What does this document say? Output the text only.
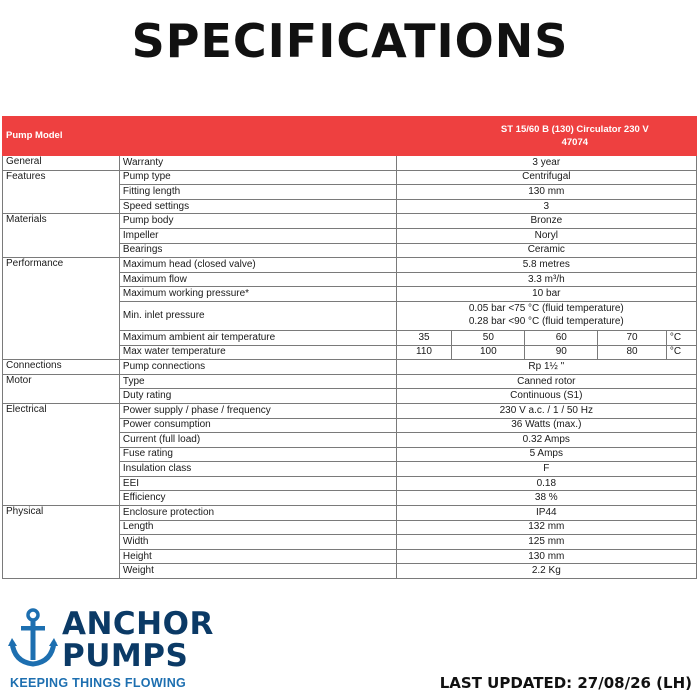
SPECIFICATIONS
Pump Model		ST 15/60 B (130) Circulator 230 V
47074				

General	Warranty	3 year				
Features	Pump type	Centrifugal				
	Fitting length	130 mm				
	Speed settings	3				
Materials	Pump body	Bronze				
	Impeller	Noryl				
	Bearings	Ceramic				
Performance	Maximum head (closed valve)	5.8 metres				
	Maximum flow	3.3 m³/h				
	Maximum working pressure*	10 bar				
	Min. inlet pressure	0.05 bar <75 °C (fluid temperature)
0.28 bar <90 °C (fluid temperature)				

	Maximum ambient air temperature	35	50	60	70	°C
	Max water temperature	110	100	90	80	°C
Connections	Pump connections	Rp 1½ "				
Motor	Type	Canned rotor				
	Duty rating	Continuous (S1)				
Electrical	Power supply / phase / frequency	230 V a.c. / 1 / 50 Hz				
	Power consumption	36 Watts (max.)				
	Current (full load)	0.32 Amps				
	Fuse rating	5 Amps				
	Insulation class	F				
	EEI	0.18				
	Efficiency	38 %				
Physical	Enclosure protection	IP44				
	Length	132 mm				
	Width	125 mm				
	Height	130 mm				
	Weight	2.2 Kg				
ANCHOR
PUMPS
KEEPING THINGS FLOWING	LAST UPDATED: 27/08/26 (LH)
